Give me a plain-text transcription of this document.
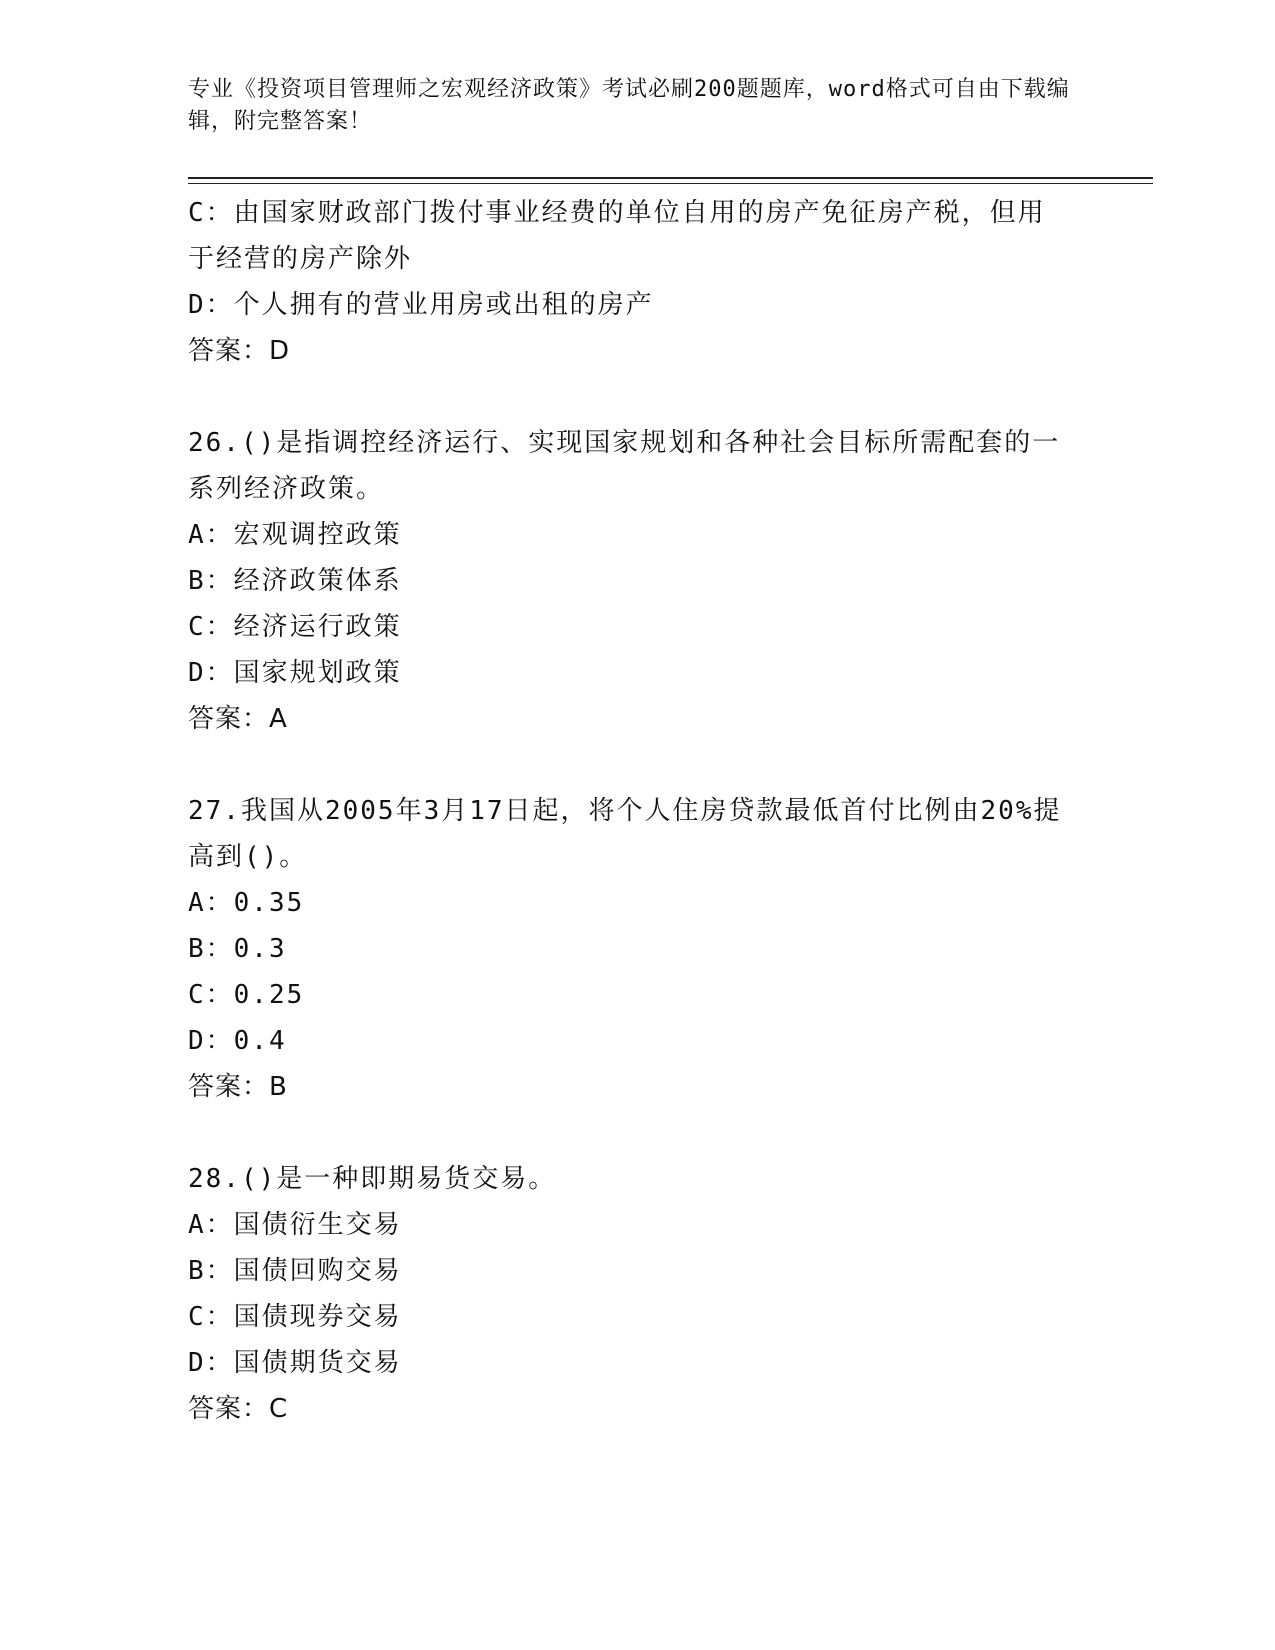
专业《投资项目管理师之宏观经济政策》考试必刷200题题库，word格式可自由下载编辑，附完整答案！
C：由国家财政部门拨付事业经费的单位自用的房产免征房产税，但用于经营的房产除外
D：个人拥有的营业用房或出租的房产
答案：D
26.()是指调控经济运行、实现国家规划和各种社会目标所需配套的一系列经济政策。
A：宏观调控政策
B：经济政策体系
C：经济运行政策
D：国家规划政策
答案：A
27.我国从2005年3月17日起，将个人住房贷款最低首付比例由20%提高到()。
A：0.35
B：0.3
C：0.25
D：0.4
答案：B
28.()是一种即期易货交易。
A：国债衍生交易
B：国债回购交易
C：国债现券交易
D：国债期货交易
答案：C
